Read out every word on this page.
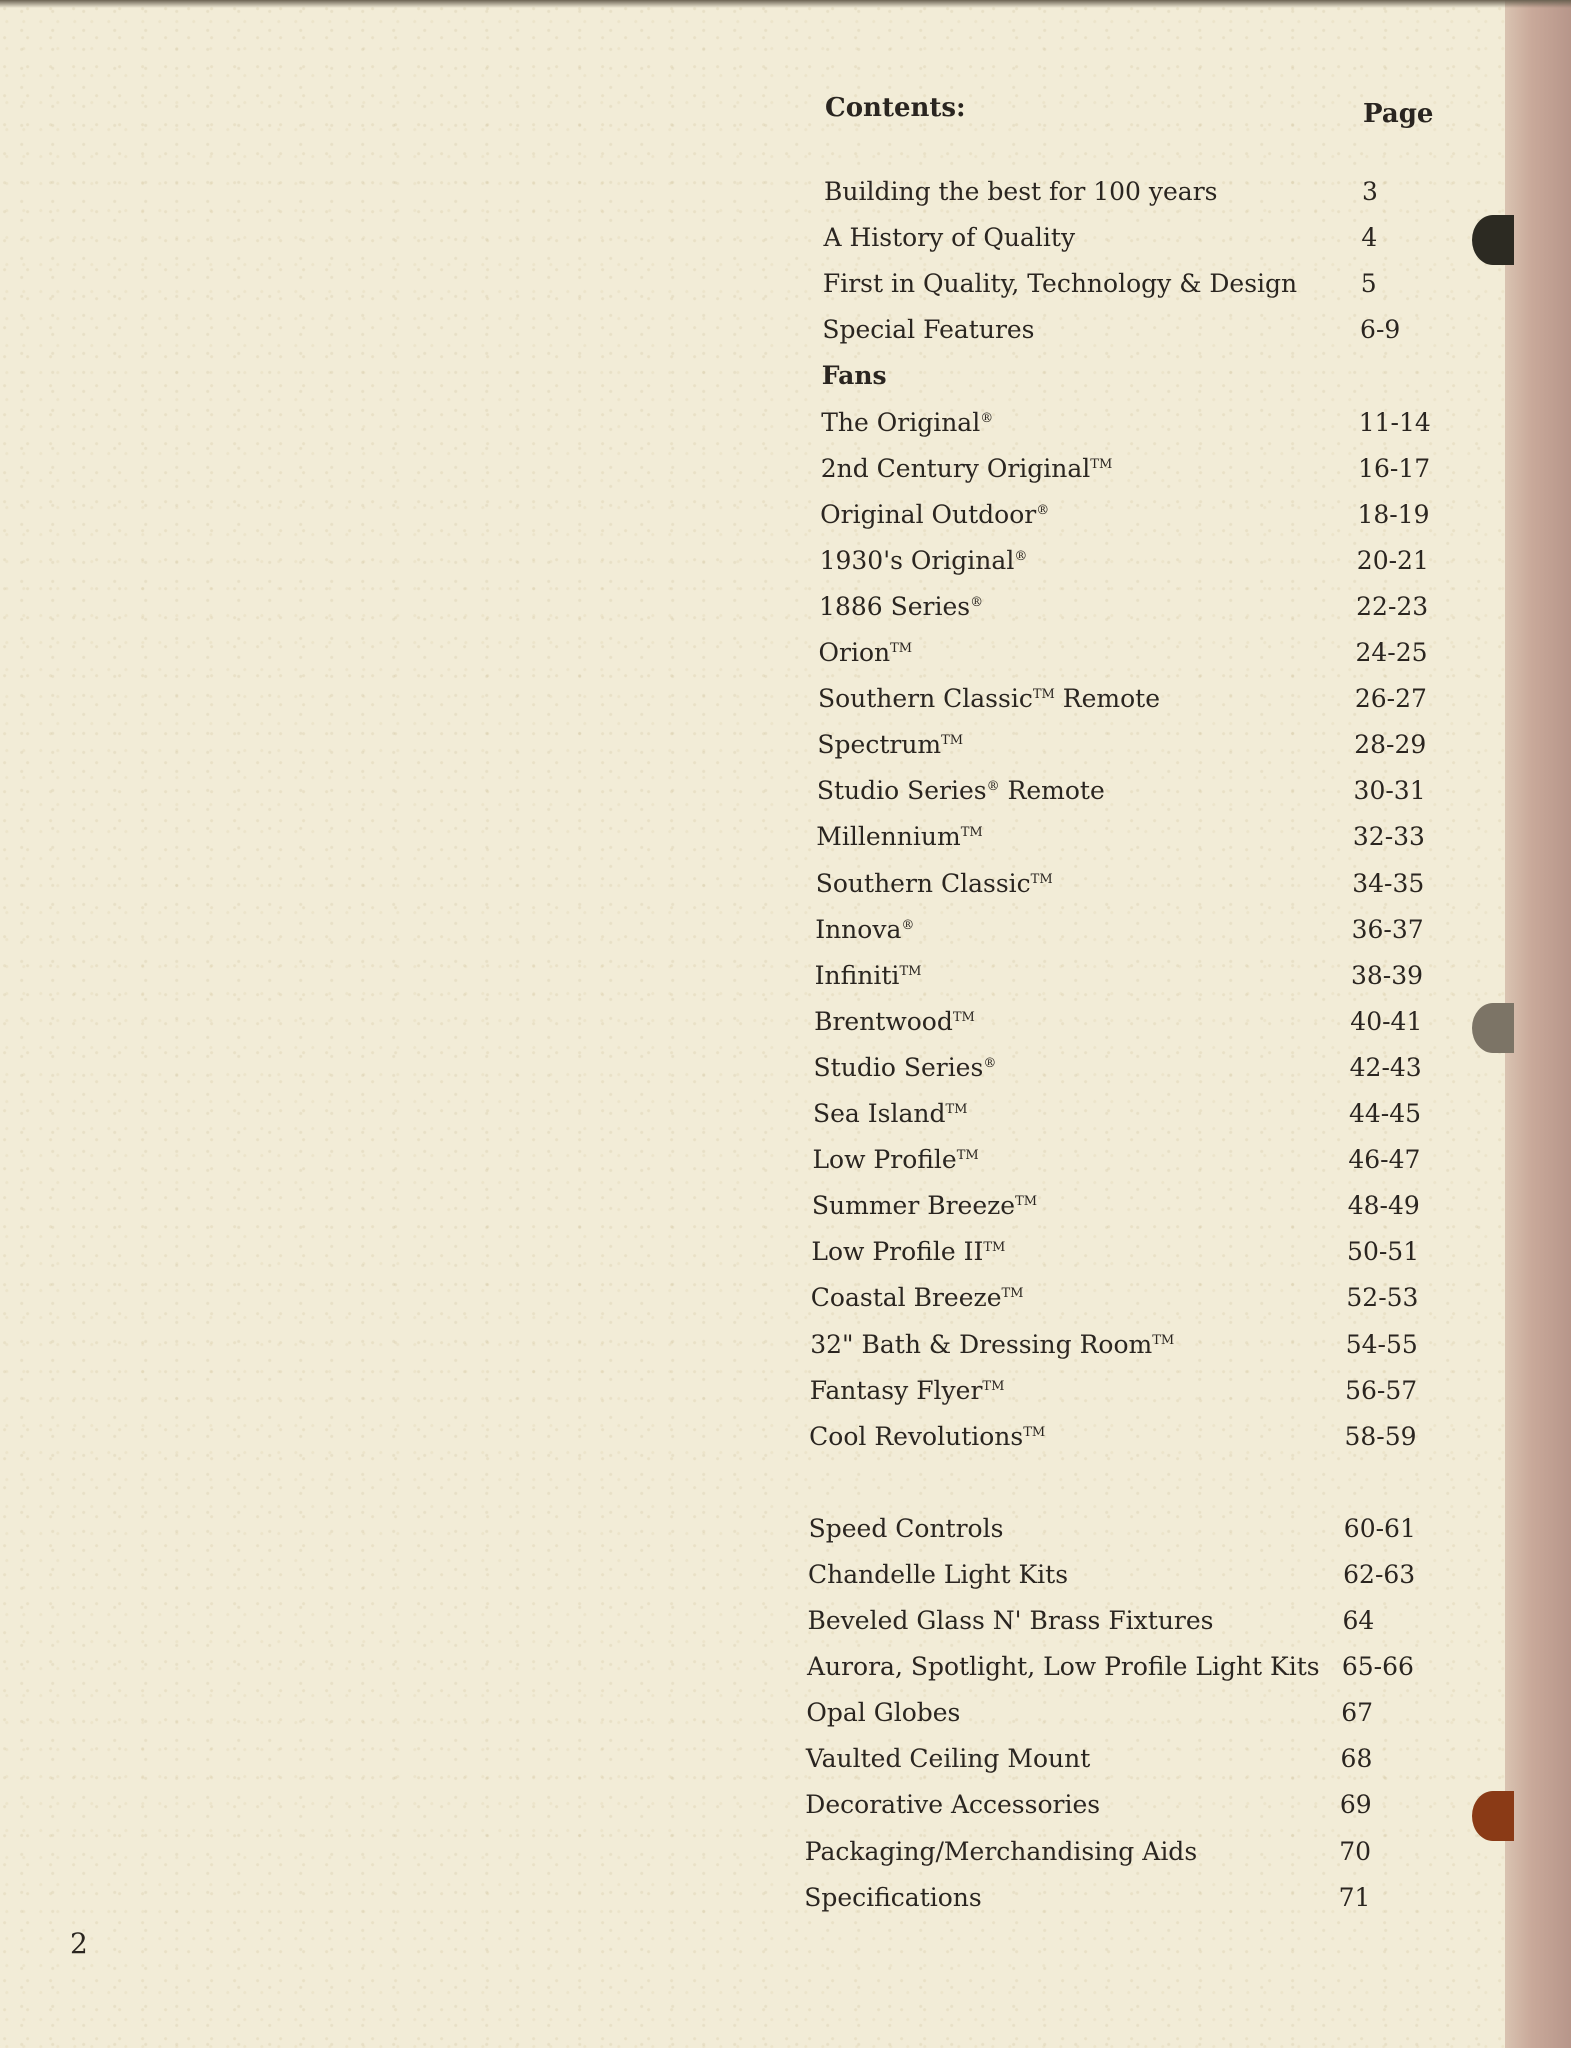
Contents:	Page
Building the best for 100 years	3
A History of Quality	4
First in Quality, Technology & Design	5
Special Features	6-9
Fans
The Original®	11-14
2nd Century Original™	16-17
Original Outdoor®	18-19
1930's Original®	20-21
1886 Series®	22-23
Orion™	24-25
Southern Classic™ Remote	26-27
Spectrum™	28-29
Studio Series® Remote	30-31
Millennium™	32-33
Southern Classic™	34-35
Innova®	36-37
Infiniti™	38-39
Brentwood™	40-41
Studio Series®	42-43
Sea Island™	44-45
Low Profile™	46-47
Summer Breeze™	48-49
Low Profile II™	50-51
Coastal Breeze™	52-53
32" Bath & Dressing Room™	54-55
Fantasy Flyer™	56-57
Cool Revolutions™	58-59
Speed Controls	60-61
Chandelle Light Kits	62-63
Beveled Glass N' Brass Fixtures	64
Aurora, Spotlight, Low Profile Light Kits 65-66
Opal Globes	67
Vaulted Ceiling Mount	68
Decorative Accessories	69
Packaging/Merchandising Aids	70
Specifications	71
2
